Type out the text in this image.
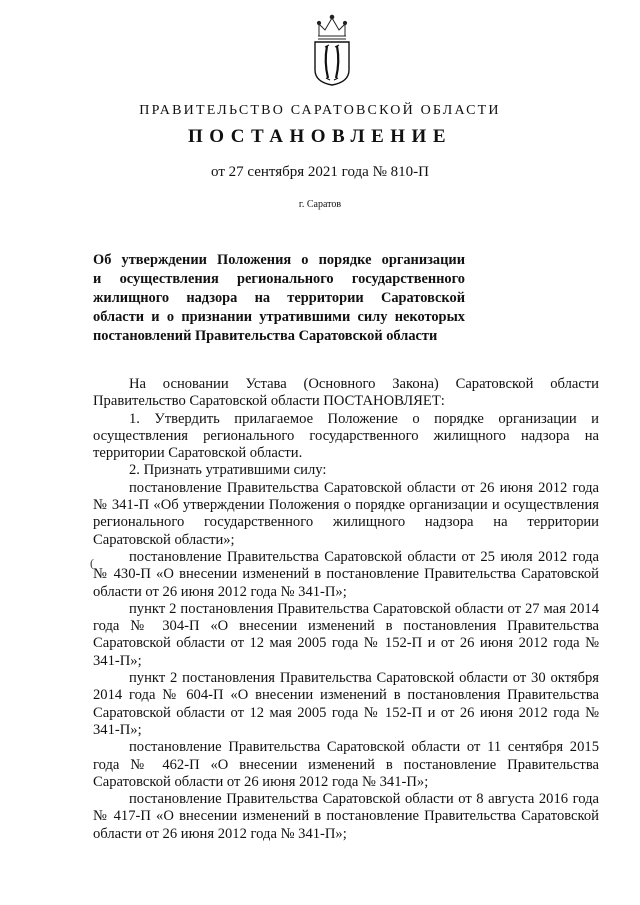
ПРАВИТЕЛЬСТВО САРАТОВСКОЙ ОБЛАСТИ
ПОСТАНОВЛЕНИЕ
от 27 сентября 2021 года № 810-П
г. Саратов
Об утверждении Положения о порядке организации
и осуществления регионального государственного
жилищного надзора на территории Саратовской
области и о признании утратившими силу некоторых
постановлений Правительства Саратовской области
(

На основании Устава (Основного Закона) Саратовской области Правительство Саратовской области ПОСТАНОВЛЯЕТ:

1. Утвердить прилагаемое Положение о порядке организации и осуществления регионального государственного жилищного надзора на территории Саратовской области.

2. Признать утратившими силу:

постановление Правительства Саратовской области от 26 июня 2012 года № 341-П «Об утверждении Положения о порядке организации и осуществления регионального государственного жилищного надзора на территории Саратовской области»;

постановление Правительства Саратовской области от 25 июля 2012 года № 430-П «О внесении изменений в постановление Правительства Саратовской области от 26 июня 2012 года № 341-П»;

пункт 2 постановления Правительства Саратовской области от 27 мая 2014 года № 304-П «О внесении изменений в постановления Правительства Саратовской области от 12 мая 2005 года № 152-П и от 26 июня 2012 года № 341-П»;

пункт 2 постановления Правительства Саратовской области от 30 октября 2014 года № 604-П «О внесении изменений в постановления Правительства Саратовской области от 12 мая 2005 года № 152-П и от 26 июня 2012 года № 341-П»;

постановление Правительства Саратовской области от 11 сентября 2015 года № 462-П «О внесении изменений в постановление Правительства Саратовской области от 26 июня 2012 года № 341-П»;

постановление Правительства Саратовской области от 8 августа 2016 года № 417-П «О внесении изменений в постановление Правительства Саратовской области от 26 июня 2012 года № 341-П»;
